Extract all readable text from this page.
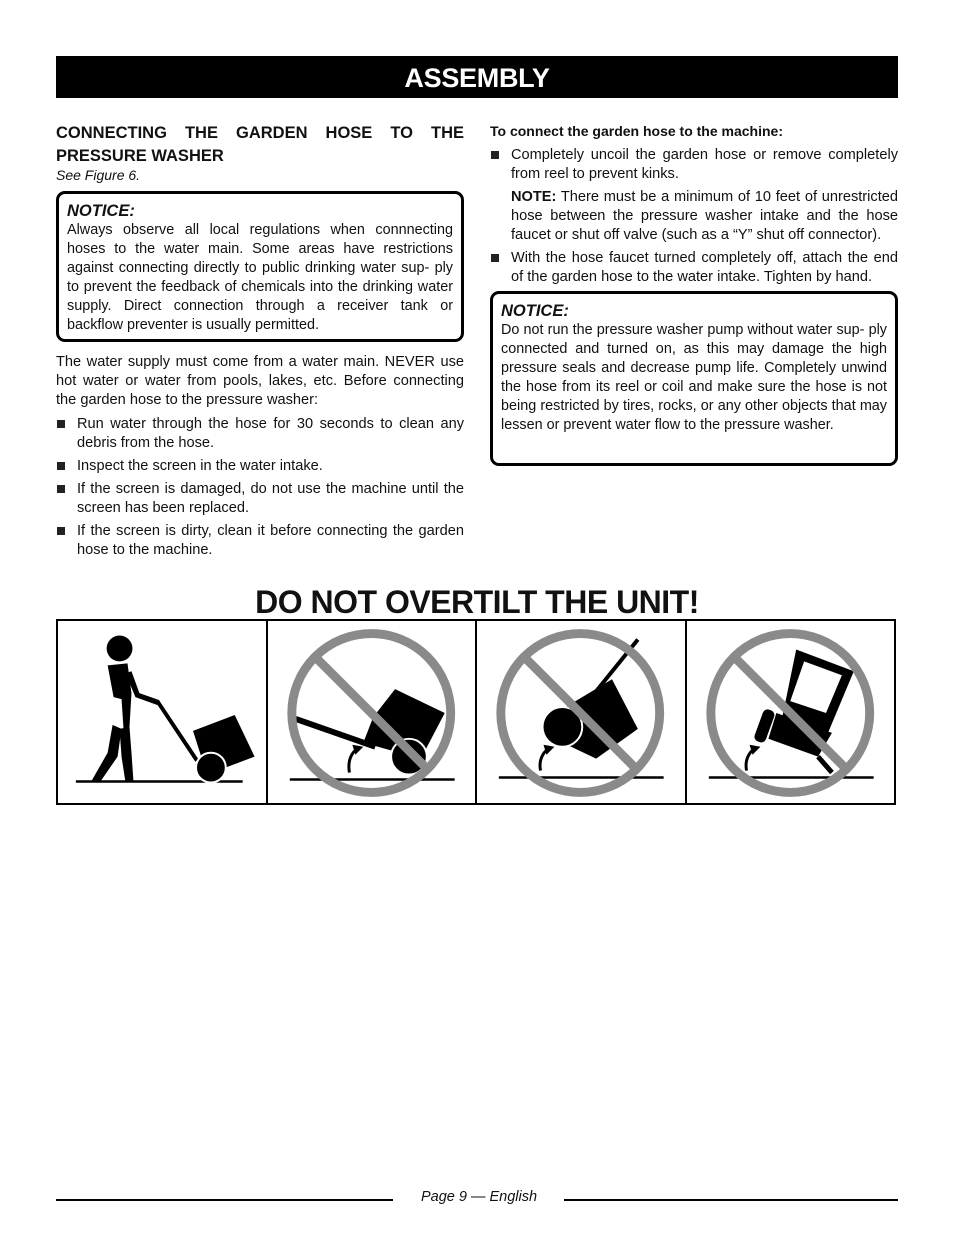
ASSEMBLY
CONNECTING THE GARDEN HOSE TO THE PRESSURE WASHER
See Figure 6.
NOTICE:
Always observe all local regulations when connnecting hoses to the water main. Some areas have restrictions against connecting directly to public drinking water sup- ply to prevent the feedback of chemicals into the drinking water supply. Direct connection through a receiver tank or backflow preventer is usually permitted.
The water supply must come from a water main. NEVER use hot water or water from pools, lakes, etc. Before connecting the garden hose to the pressure washer:
Run water through the hose for 30 seconds to clean any debris from the hose.
Inspect the screen in the water intake.
If the screen is damaged, do not use the machine until the screen has been replaced.
If the screen is dirty, clean it before connecting the garden hose to the machine.
To connect the garden hose to the machine:
Completely uncoil the garden hose or remove completely from reel to prevent kinks.
NOTE: There must be a minimum of 10 feet of unrestricted hose between the pressure washer intake and the hose faucet or shut off valve (such as a “Y” shut off connector).
With the hose faucet turned completely off, attach the end of the garden hose to the water intake. Tighten by hand.
NOTICE:
Do not run the pressure washer pump without water sup- ply connected and turned on, as this may damage the high pressure seals and decrease pump life. Completely unwind the hose from its reel or coil and make sure the hose is not being restricted by tires, rocks, or any other objects that may lessen or prevent water flow to the pressure washer.
DO NOT OVERTILT THE UNIT!
Page 9 — English
